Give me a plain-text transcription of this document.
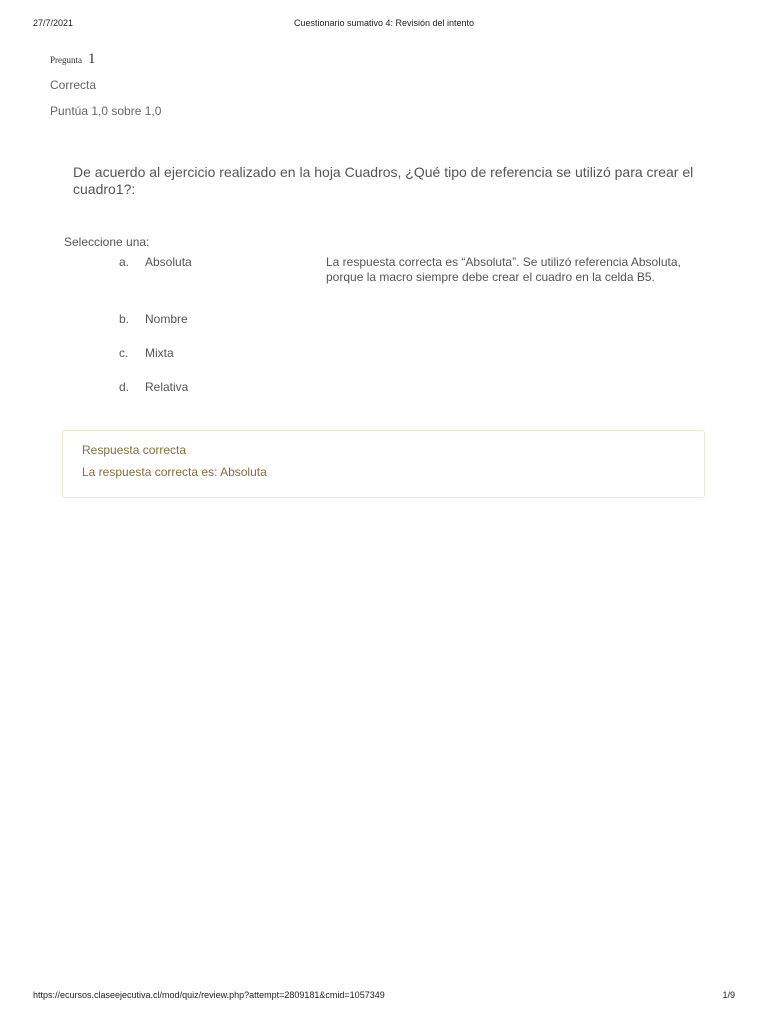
27/7/2021	Cuestionario sumativo 4: Revisión del intento
Pregunta 1
Correcta
Puntúa 1,0 sobre 1,0
De acuerdo al ejercicio realizado en la hoja Cuadros, ¿Qué tipo de referencia se utilizó para crear el cuadro1?:
Seleccione una:
a. Absoluta
b. Nombre
c. Mixta
d. Relativa
La respuesta correcta es “Absoluta”. Se utilizó referencia Absoluta, porque la macro siempre debe crear el cuadro en la celda B5.
Respuesta correcta
La respuesta correcta es: Absoluta
https://ecursos.claseejecutiva.cl/mod/quiz/review.php?attempt=2809181&cmid=1057349	1/9
